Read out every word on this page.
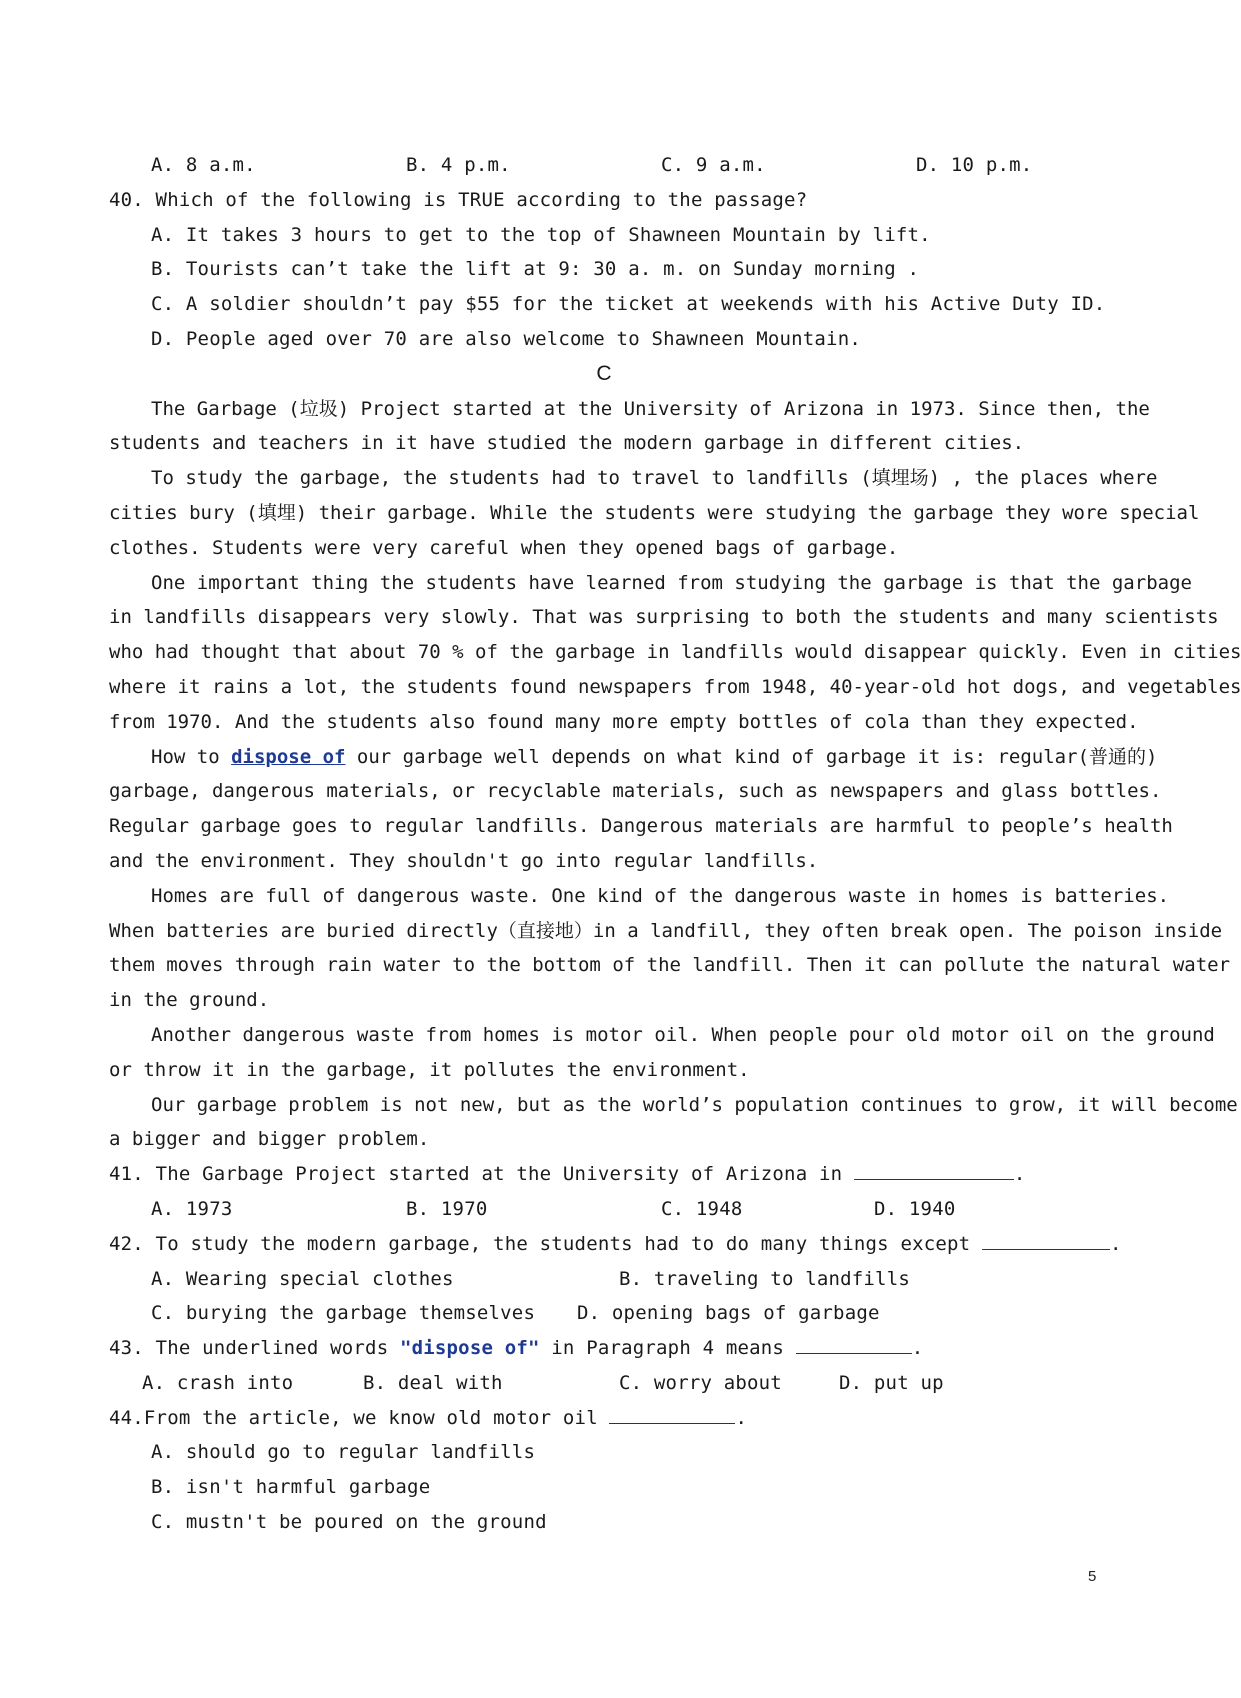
A. 8 a.m.	B. 4 p.m.	C. 9 a.m.	D. 10 p.m.
40. Which of the following is TRUE according to the passage?
A. It takes 3 hours to get to the top of Shawneen Mountain by lift.
B. Tourists can’t take the lift at 9: 30 a. m. on Sunday morning .
C. A soldier shouldn’t pay $55 for the ticket at weekends with his Active Duty ID.
D. People aged over 70 are also welcome to Shawneen Mountain.
C
The Garbage (垃圾) Project started at the University of Arizona in 1973. Since then, the
students and teachers in it have studied the modern garbage in different cities.
To study the garbage, the students had to travel to landfills (填埋场) , the places where
cities bury (填埋) their garbage. While the students were studying the garbage they wore special
clothes. Students were very careful when they opened bags of garbage.
One important thing the students have learned from studying the garbage is that the garbage
in landfills disappears very slowly. That was surprising to both the students and many scientists
who had thought that about 70 % of the garbage in landfills would disappear quickly. Even in cities
where it rains a lot, the students found newspapers from 1948, 40-year-old hot dogs, and vegetables
from 1970. And the students also found many more empty bottles of cola than they expected.
How to dispose of our garbage well depends on what kind of garbage it is: regular(普通的)
garbage, dangerous materials, or recyclable materials, such as newspapers and glass bottles.
Regular garbage goes to regular landfills. Dangerous materials are harmful to people’s health
and the environment. They shouldn't go into regular landfills.
Homes are full of dangerous waste. One kind of the dangerous waste in homes is batteries.
When batteries are buried directly（直接地）in a landfill, they often break open. The poison inside
them moves through rain water to the bottom of the landfill. Then it can pollute the natural water
in the ground.
Another dangerous waste from homes is motor oil. When people pour old motor oil on the ground
or throw it in the garbage, it pollutes the environment.
Our garbage problem is not new, but as the world’s population continues to grow, it will become
a bigger and bigger problem.
41. The Garbage Project started at the University of Arizona in	.
A. 1973	B. 1970	C. 1948	D. 1940
42. To study the modern garbage, the students had to do many things except	.
A. Wearing special clothes	B. traveling to landfills
C. burying the garbage themselves	D. opening bags of garbage
43. The underlined words "dispose of" in Paragraph 4 means	.
A. crash into	B. deal with	C. worry about	D. put up
44.From the article, we know old motor oil	.
A. should go to regular landfills
B. isn't harmful garbage
C. mustn't be poured on the ground
5
